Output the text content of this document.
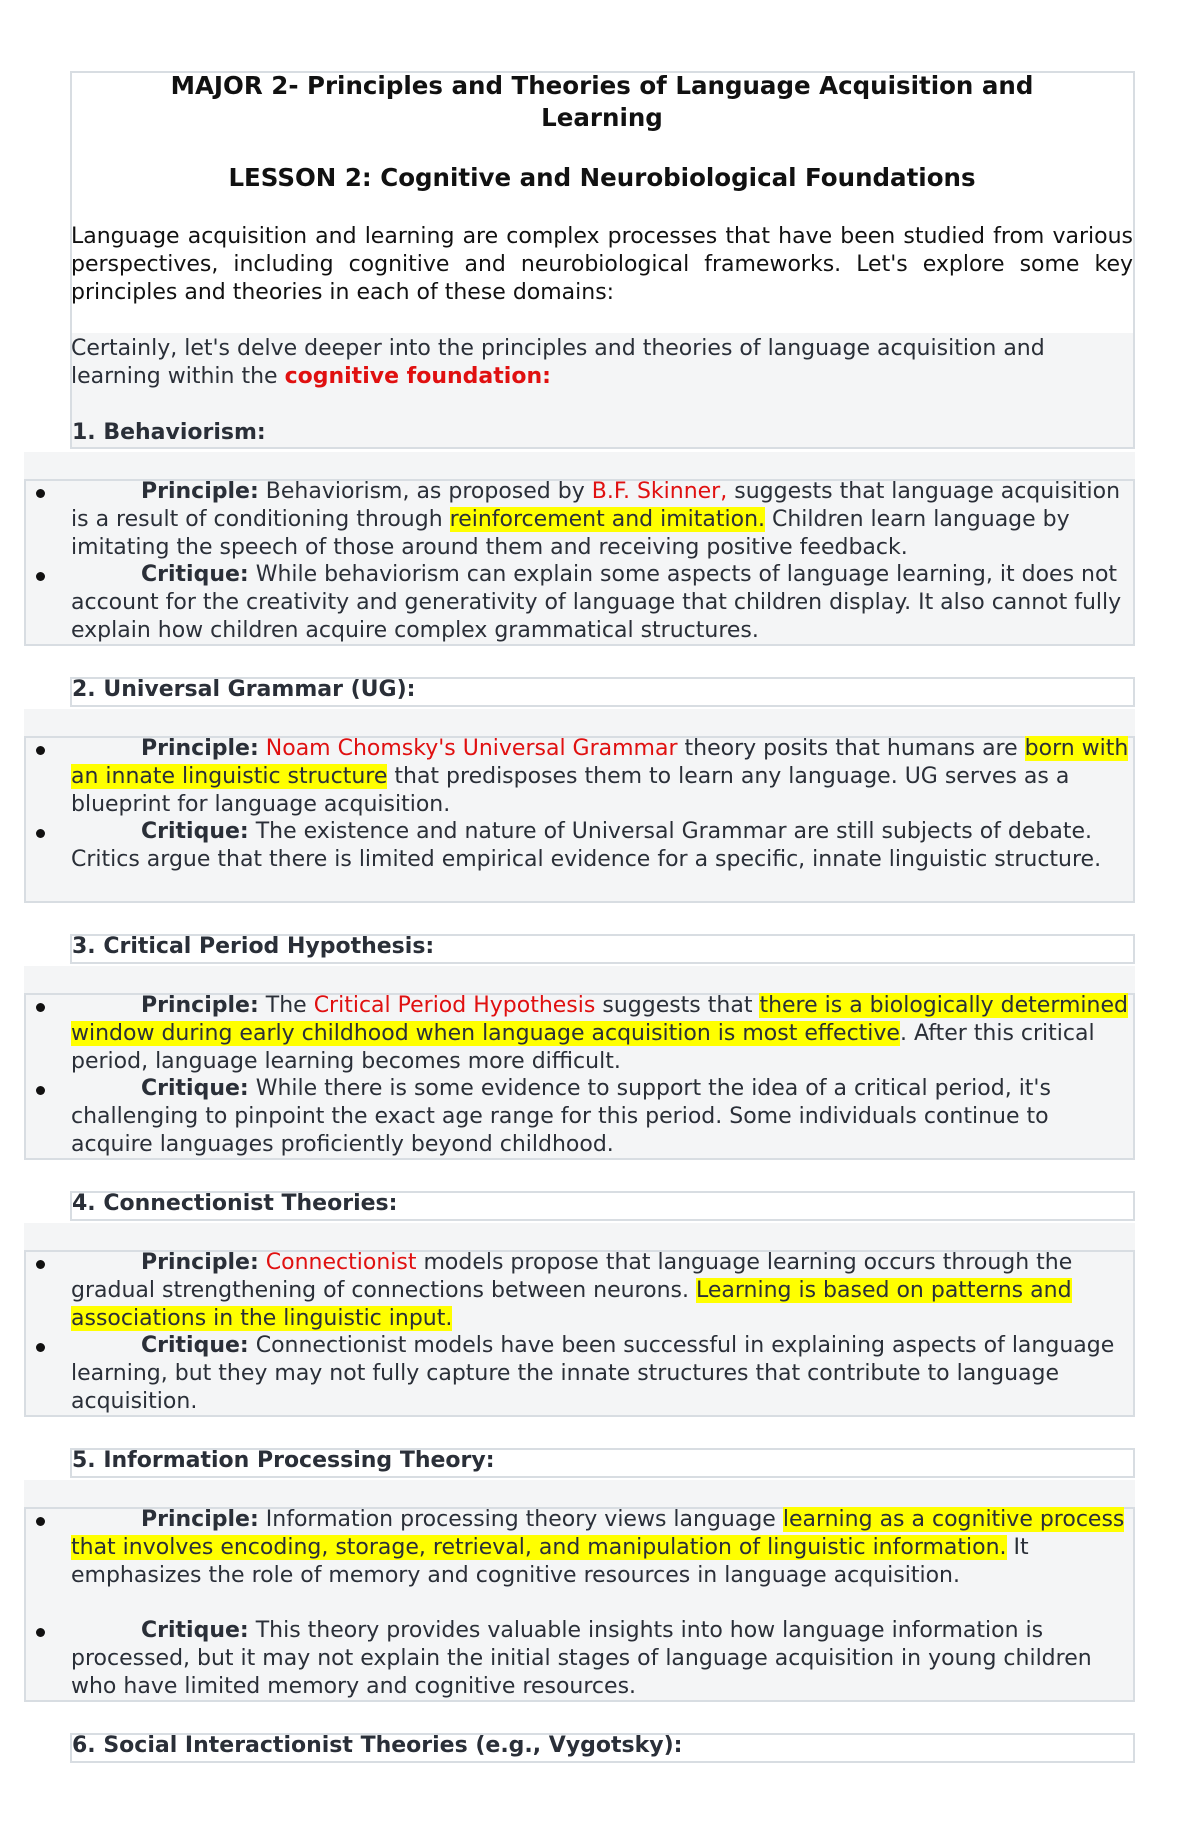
MAJOR 2- Principles and Theories of Language Acquisition and
Learning
LESSON 2: Cognitive and Neurobiological Foundations
Language acquisition and learning are complex processes that have been studied from various perspectives, including cognitive and neurobiological frameworks. Let's explore some key principles and theories in each of these domains:
Certainly, let's delve deeper into the principles and theories of language acquisition and learning within the cognitive foundation:
1. Behaviorism:
Principle: Behaviorism, as proposed by B.F. Skinner, suggests that language acquisition is a result of conditioning through reinforcement and imitation. Children learn language by imitating the speech of those around them and receiving positive feedback.
Critique: While behaviorism can explain some aspects of language learning, it does not account for the creativity and generativity of language that children display. It also cannot fully explain how children acquire complex grammatical structures.
2. Universal Grammar (UG):
Principle: Noam Chomsky's Universal Grammar theory posits that humans are born with an innate linguistic structure that predisposes them to learn any language. UG serves as a blueprint for language acquisition.
Critique: The existence and nature of Universal Grammar are still subjects of debate. Critics argue that there is limited empirical evidence for a specific, innate linguistic structure.
3. Critical Period Hypothesis:
Principle: The Critical Period Hypothesis suggests that there is a biologically determined window during early childhood when language acquisition is most effective. After this critical period, language learning becomes more difficult.
Critique: While there is some evidence to support the idea of a critical period, it's challenging to pinpoint the exact age range for this period. Some individuals continue to acquire languages proficiently beyond childhood.
4. Connectionist Theories:
Principle: Connectionist models propose that language learning occurs through the gradual strengthening of connections between neurons. Learning is based on patterns and associations in the linguistic input.
Critique: Connectionist models have been successful in explaining aspects of language learning, but they may not fully capture the innate structures that contribute to language acquisition.
5. Information Processing Theory:
Principle: Information processing theory views language learning as a cognitive process that involves encoding, storage, retrieval, and manipulation of linguistic information. It emphasizes the role of memory and cognitive resources in language acquisition.
Critique: This theory provides valuable insights into how language information is processed, but it may not explain the initial stages of language acquisition in young children who have limited memory and cognitive resources.
6. Social Interactionist Theories (e.g., Vygotsky):
